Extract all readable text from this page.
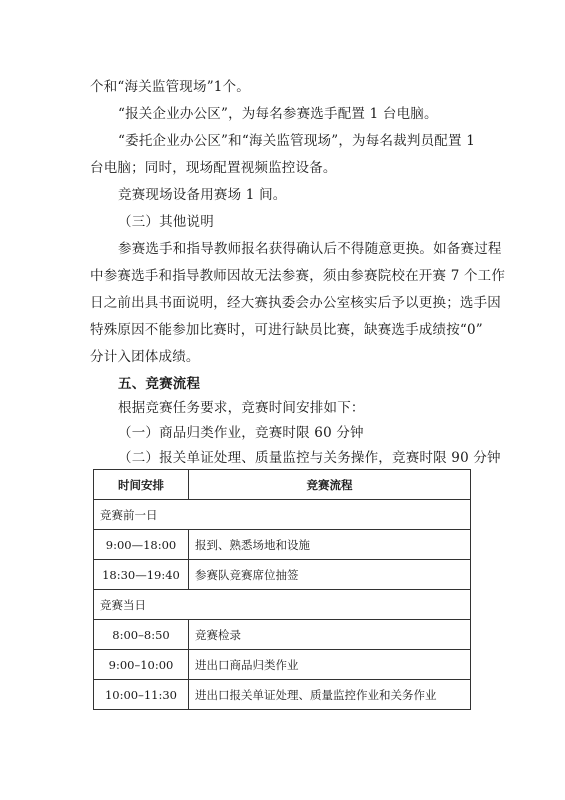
个和“海关监管现场”1个。
“报关企业办公区”，为每名参赛选手配置 1 台电脑。
“委托企业办公区”和“海关监管现场”，为每名裁判员配置 1
台电脑；同时，现场配置视频监控设备。
竞赛现场设备用赛场 1 间。
（三）其他说明
参赛选手和指导教师报名获得确认后不得随意更换。如备赛过程
中参赛选手和指导教师因故无法参赛，须由参赛院校在开赛 7 个工作
日之前出具书面说明，经大赛执委会办公室核实后予以更换；选手因
特殊原因不能参加比赛时，可进行缺员比赛，缺赛选手成绩按“0”
分计入团体成绩。
五、竞赛流程
根据竞赛任务要求，竞赛时间安排如下：
（一）商品归类作业，竞赛时限 60 分钟
（二）报关单证处理、质量监控与关务操作，竞赛时限 90 分钟
时间安排	竞赛流程
竞赛前一日	
9:00—18:00	报到、熟悉场地和设施
18:30—19:40	参赛队竞赛席位抽签
竞赛当日	
8:00–8:50	竞赛检录
9:00–10:00	进出口商品归类作业
10:00–11:30	进出口报关单证处理、质量监控作业和关务作业
